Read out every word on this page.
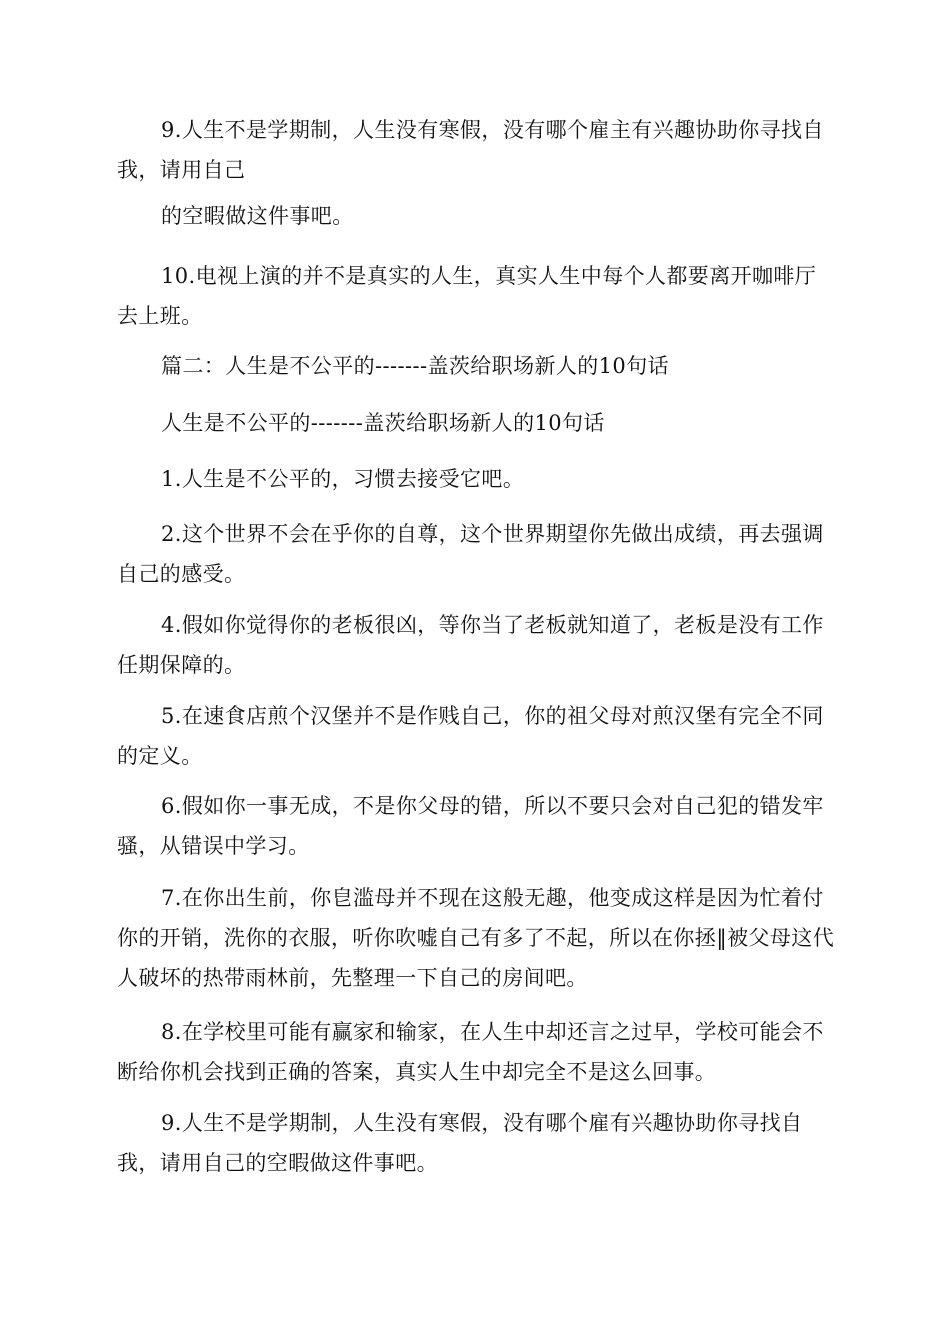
9.人生不是学期制，人生没有寒假，没有哪个雇主有兴趣协助你寻找自我，请用自己

的空暇做这件事吧。

10.电视上演的并不是真实的人生，真实人生中每个人都要离开咖啡厅去上班。

篇二：人生是不公平的-------盖茨给职场新人的10句话

人生是不公平的-------盖茨给职场新人的10句话

1.人生是不公平的，习惯去接受它吧。

2.这个世界不会在乎你的自尊，这个世界期望你先做出成绩，再去强调自己的感受。

4.假如你觉得你的老板很凶，等你当了老板就知道了，老板是没有工作任期保障的。

5.在速食店煎个汉堡并不是作贱自己，你的祖父母对煎汉堡有完全不同的定义。

6.假如你一事无成，不是你父母的错，所以不要只会对自己犯的错发牢骚，从错误中学习。

7.在你出生前，你皀滥母并不现在这般无趣，他变成这样是因为忙着付你的开销，洗你的衣服，听你吹嘘自己有多了不起，所以在你拯‖被父母这代人破坏的热带雨林前，先整理一下自己的房间吧。

8.在学校里可能有赢家和输家，在人生中却还言之过早，学校可能会不断给你机会找到正确的答案，真实人生中却完全不是这么回事。

9.人生不是学期制，人生没有寒假，没有哪个雇有兴趣协助你寻找自我，请用自己的空暇做这件事吧。
